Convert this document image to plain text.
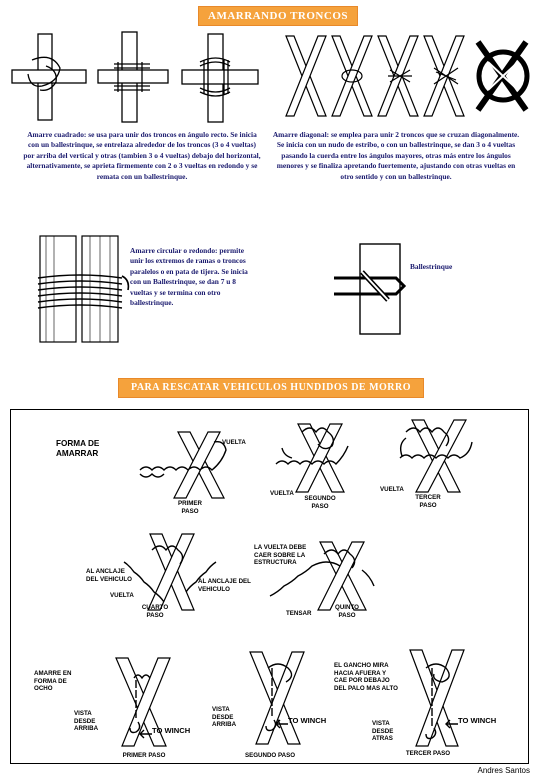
AMARRANDO TRONCOS
Amarre cuadrado: se usa para unir dos troncos en ángulo recto. Se inicia con un ballestrinque, se entrelaza alrededor de los troncos (3 o 4 vueltas) por arriba del vertical y otras (tambien 3 o 4 vueltas) debajo del horizontal, alternativamente, se aprieta firmemente con 2 o 3 vueltas en redondo y se remata con un ballestrinque.
Amarre diagonal: se emplea para unir 2 troncos que se cruzan diagonalmente. Se inicia con un nudo de estribo, o con un ballestrinque, se dan 3 o 4 vueltas pasando la cuerda entre los ángulos mayores, otras más entre los ángulos menores y se finaliza apretando fuertemente, ajustando con otras vueltas en otro sentido y con un ballestrinque.
Amarre circular o redondo: permite unir los extremos de ramas o troncos paralelos o en pata de tijera. Se inicia con un Ballestrinque, se dan 7 u 8 vueltas y se termina con otro ballestrinque.
Ballestrinque
PARA RESCATAR VEHICULOS HUNDIDOS DE MORRO
FORMA DE AMARRAR
VUELTA
PRIMER PASO
VUELTA
SEGUNDO PASO
VUELTA
TERCER PASO
AL ANCLAJE DEL VEHICULO	AL ANCLAJE DEL VEHICULO
VUELTA
CUARTO PASO
LA VUELTA DEBE CAER SOBRE LA ESTRUCTURA
TENSAR
QUINTO PASO
AMARRE EN FORMA DE OCHO
VISTA DESDE ARRIBA	TO WINCH
PRIMER PASO
VISTA DESDE ARRIBA	TO WINCH
SEGUNDO PASO
EL GANCHO MIRA HACIA AFUERA Y CAE POR DEBAJO DEL PALO MAS ALTO
VISTA DESDE ATRAS
TO WINCH
TERCER PASO
Andres Santos
